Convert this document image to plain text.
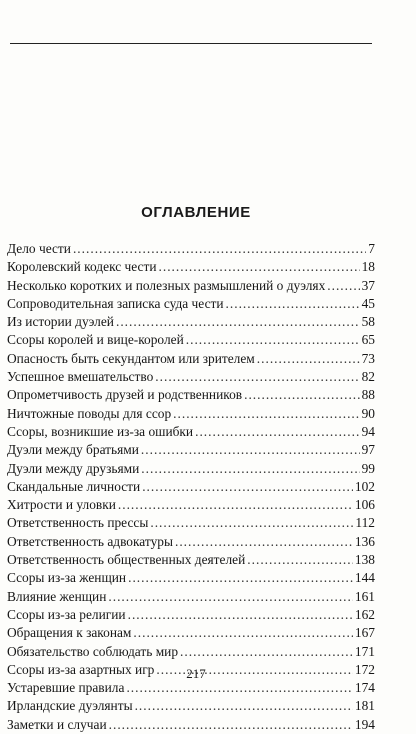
ОГЛАВЛЕНИЕ
Дело чести .....	7
Королевский кодекс чести .....	18
Несколько коротких и полезных размышлений о дуэлях .....	37
Сопроводительная записка суда чести .....	45
Из истории дуэлей .....	58
Ссоры королей и вице-королей .....	65
Опасность быть секундантом или зрителем .....	73
Успешное вмешательство .....	82
Опрометчивость друзей и родственников .....	88
Ничтожные поводы для ссор .....	90
Ссоры, возникшие из-за ошибки .....	94
Дуэли между братьями .....	97
Дуэли между друзьями .....	99
Скандальные личности .....	102
Хитрости и уловки .....	106
Ответственность прессы .....	112
Ответственность адвокатуры .....	136
Ответственность общественных деятелей .....	138
Ссоры из-за женщин .....	144
Влияние женщин .....	161
Ссоры из-за религии .....	162
Обращения к законам .....	167
Обязательство соблюдать мир .....	171
Ссоры из-за азартных игр .....	172
Устаревшие правила .....	174
Ирландские дуэлянты .....	181
Заметки и случаи .....	194
217
